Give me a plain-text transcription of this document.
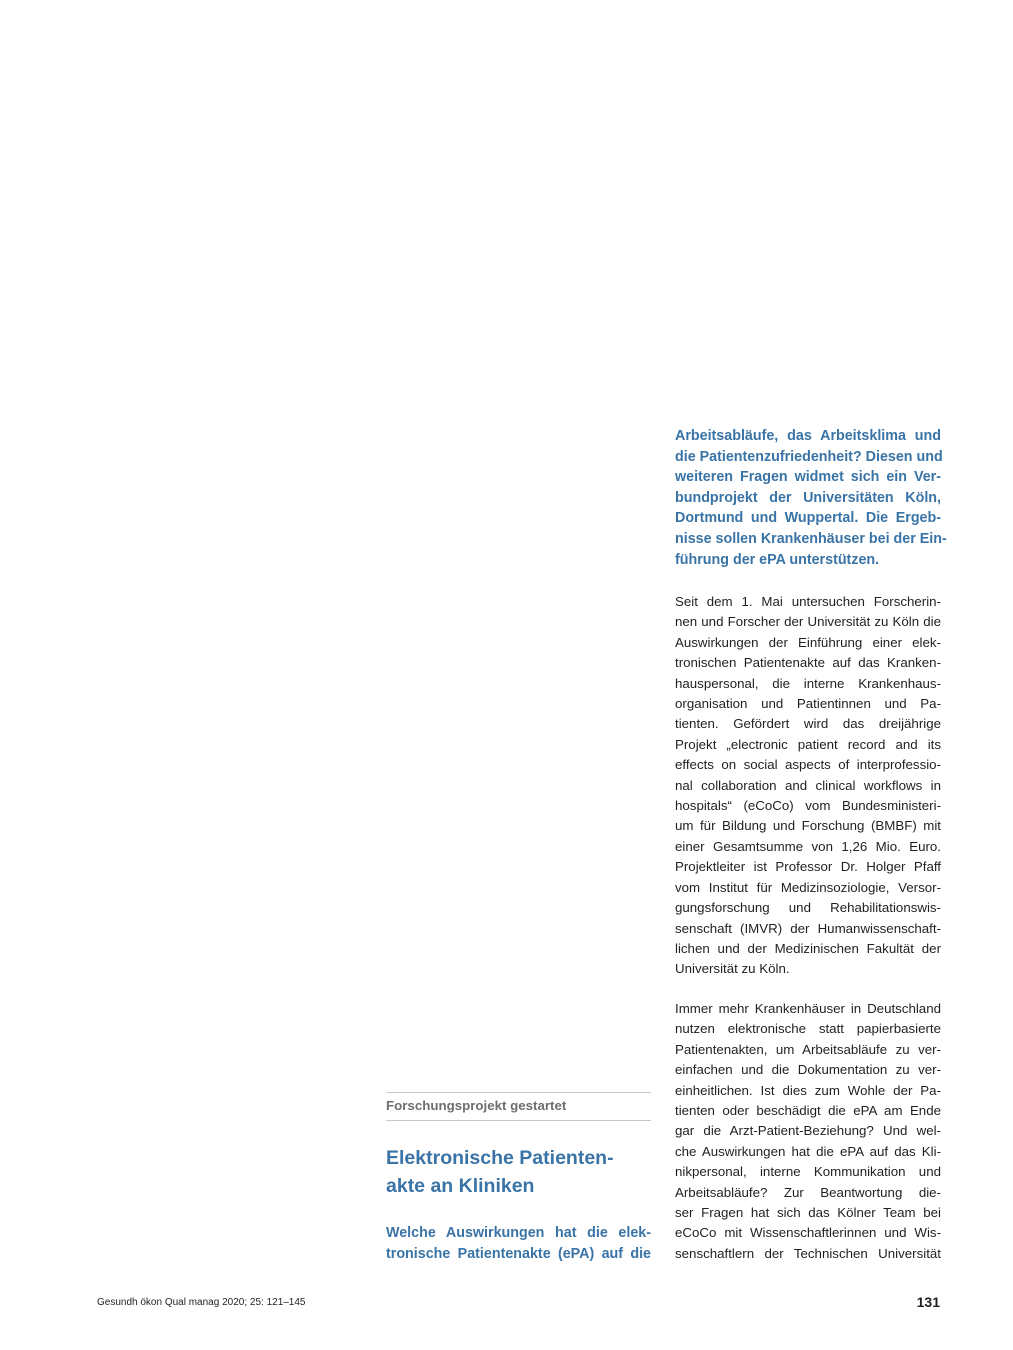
Arbeitsabläufe, das Arbeitsklima und
die Patientenzufriedenheit? Diesen und
weiteren Fragen widmet sich ein Ver-
bundprojekt der Universitäten Köln,
Dortmund und Wuppertal. Die Ergeb-
nisse sollen Krankenhäuser bei der Ein-
führung der ePA unterstützen.
Seit dem 1. Mai untersuchen Forscherin-
nen und Forscher der Universität zu Köln die
Auswirkungen der Einführung einer elek-
tronischen Patientenakte auf das Kranken-
hauspersonal, die interne Krankenhaus-
organisation und Patientinnen und Pa-
tienten. Gefördert wird das dreijährige
Projekt „electronic patient record and its
effects on social aspects of interprofessio-
nal collaboration and clinical workflows in
hospitals“ (eCoCo) vom Bundesministeri-
um für Bildung und Forschung (BMBF) mit
einer Gesamtsumme von 1,26 Mio. Euro.
Projektleiter ist Professor Dr. Holger Pfaff
vom Institut für Medizinsoziologie, Versor-
gungsforschung und Rehabilitationswis-
senschaft (IMVR) der Humanwissenschaft-
lichen und der Medizinischen Fakultät der
Universität zu Köln.
Immer mehr Krankenhäuser in Deutschland
nutzen elektronische statt papierbasierte
Patientenakten, um Arbeitsabläufe zu ver-
einfachen und die Dokumentation zu ver-
einheitlichen. Ist dies zum Wohle der Pa-
tienten oder beschädigt die ePA am Ende
gar die Arzt-Patient-Beziehung? Und wel-
che Auswirkungen hat die ePA auf das Kli-
nikpersonal, interne Kommunikation und
Arbeitsabläufe? Zur Beantwortung die-
ser Fragen hat sich das Kölner Team bei
eCoCo mit Wissenschaftlerinnen und Wis-
senschaftlern der Technischen Universität
Forschungsprojekt gestartet
Elektronische Patienten-
akte an Kliniken
Welche Auswirkungen hat die elek-
tronische Patientenakte (ePA) auf die
Gesundh ökon Qual manag 2020; 25: 121–145	131
